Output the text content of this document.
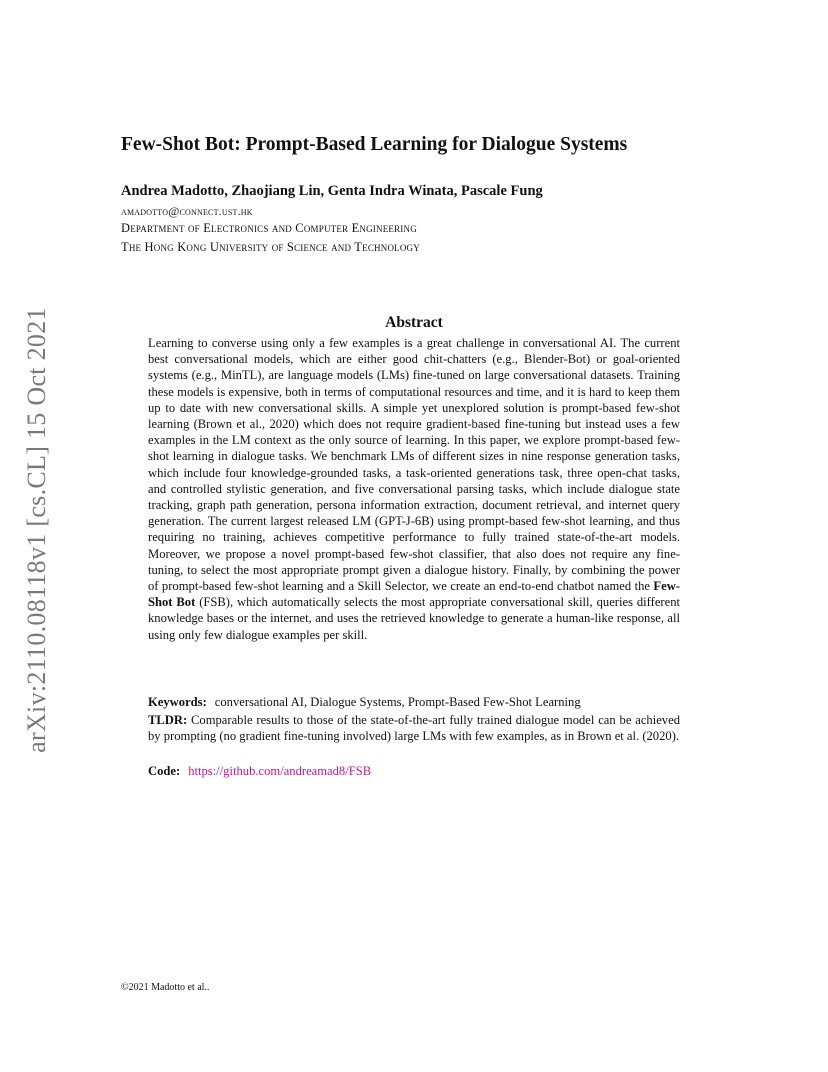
arXiv:2110.08118v1 [cs.CL] 15 Oct 2021
Few-Shot Bot: Prompt-Based Learning for Dialogue Systems
Andrea Madotto, Zhaojiang Lin, Genta Indra Winata, Pascale Fung
amadotto@connect.ust.hk
Department of Electronics and Computer Engineering
The Hong Kong University of Science and Technology
Abstract
Learning to converse using only a few examples is a great challenge in conversational AI. The current best conversational models, which are either good chit-chatters (e.g., Blender-Bot) or goal-oriented systems (e.g., MinTL), are language models (LMs) fine-tuned on large conversational datasets. Training these models is expensive, both in terms of computational resources and time, and it is hard to keep them up to date with new conversational skills. A simple yet unexplored solution is prompt-based few-shot learning (Brown et al., 2020) which does not require gradient-based fine-tuning but instead uses a few examples in the LM context as the only source of learning. In this paper, we explore prompt-based few-shot learning in dialogue tasks. We benchmark LMs of different sizes in nine response generation tasks, which include four knowledge-grounded tasks, a task-oriented generations task, three open-chat tasks, and controlled stylistic generation, and five conversational parsing tasks, which include dialogue state tracking, graph path generation, persona information extraction, document retrieval, and internet query generation. The current largest released LM (GPT-J-6B) using prompt-based few-shot learning, and thus requiring no training, achieves competitive performance to fully trained state-of-the-art models. Moreover, we propose a novel prompt-based few-shot classifier, that also does not require any fine-tuning, to select the most appropriate prompt given a dialogue history. Finally, by combining the power of prompt-based few-shot learning and a Skill Selector, we create an end-to-end chatbot named the Few-Shot Bot (FSB), which automatically selects the most appropriate conversational skill, queries different knowledge bases or the internet, and uses the retrieved knowledge to generate a human-like response, all using only few dialogue examples per skill.
Keywords: conversational AI, Dialogue Systems, Prompt-Based Few-Shot Learning
TLDR: Comparable results to those of the state-of-the-art fully trained dialogue model can be achieved by prompting (no gradient fine-tuning involved) large LMs with few examples, as in Brown et al. (2020).
Code: https://github.com/andreamad8/FSB
©2021 Madotto et al..
